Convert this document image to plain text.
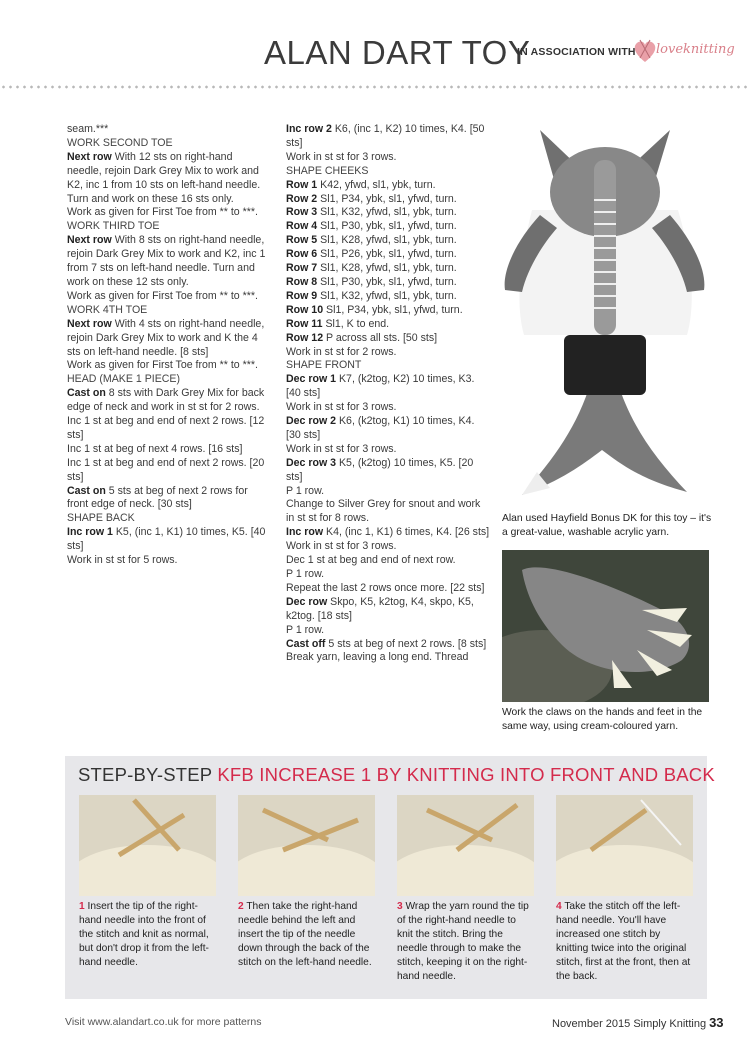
ALAN DART TOY
IN ASSOCIATION WITH loveknitting

seam.***

WORK SECOND TOE

Next row With 12 sts on right-hand needle, rejoin Dark Grey Mix to work and K2, inc 1 from 10 sts on left-hand needle. Turn and work on these 16 sts only.

Work as given for First Toe from ** to ***.

WORK THIRD TOE

Next row With 8 sts on right-hand needle, rejoin Dark Grey Mix to work and K2, inc 1 from 7 sts on left-hand needle. Turn and work on these 12 sts only.

Work as given for First Toe from ** to ***.

WORK 4TH TOE

Next row With 4 sts on right-hand needle, rejoin Dark Grey Mix to work and K the 4 sts on left-hand needle. [8 sts]

Work as given for First Toe from ** to ***.

HEAD (MAKE 1 PIECE)

Cast on 8 sts with Dark Grey Mix for back edge of neck and work in st st for 2 rows.

Inc 1 st at beg and end of next 2 rows. [12 sts]

Inc 1 st at beg of next 4 rows. [16 sts]

Inc 1 st at beg and end of next 2 rows. [20 sts]

Cast on 5 sts at beg of next 2 rows for front edge of neck. [30 sts]

SHAPE BACK

Inc row 1 K5, (inc 1, K1) 10 times, K5. [40 sts]

Work in st st for 5 rows.

Inc row 2 K6, (inc 1, K2) 10 times, K4. [50 sts]

Work in st st for 3 rows.

SHAPE CHEEKS

Row 1 K42, yfwd, sl1, ybk, turn.

Row 2 Sl1, P34, ybk, sl1, yfwd, turn.

Row 3 Sl1, K32, yfwd, sl1, ybk, turn.

Row 4 Sl1, P30, ybk, sl1, yfwd, turn.

Row 5 Sl1, K28, yfwd, sl1, ybk, turn.

Row 6 Sl1, P26, ybk, sl1, yfwd, turn.

Row 7 Sl1, K28, yfwd, sl1, ybk, turn.

Row 8 Sl1, P30, ybk, sl1, yfwd, turn.

Row 9 Sl1, K32, yfwd, sl1, ybk, turn.

Row 10 Sl1, P34, ybk, sl1, yfwd, turn.

Row 11 Sl1, K to end.

Row 12 P across all sts. [50 sts]

Work in st st for 2 rows.

SHAPE FRONT

Dec row 1 K7, (k2tog, K2) 10 times, K3. [40 sts]

Work in st st for 3 rows.

Dec row 2 K6, (k2tog, K1) 10 times, K4. [30 sts]

Work in st st for 3 rows.

Dec row 3 K5, (k2tog) 10 times, K5. [20 sts]

P 1 row.

Change to Silver Grey for snout and work in st st for 8 rows.

Inc row K4, (inc 1, K1) 6 times, K4. [26 sts]

Work in st st for 3 rows.

Dec 1 st at beg and end of next row.

P 1 row.

Repeat the last 2 rows once more. [22 sts]

Dec row Skpo, K5, k2tog, K4, skpo, K5, k2tog. [18 sts]

P 1 row.

Cast off 5 sts at beg of next 2 rows. [8 sts]

Break yarn, leaving a long end. Thread

Alan used Hayfield Bonus DK for this toy – it's a great-value, washable acrylic yarn.
Work the claws on the hands and feet in the same way, using cream-coloured yarn.
STEP-BY-STEP KFB INCREASE 1 BY KNITTING INTO FRONT AND BACK
1 Insert the tip of the right-hand needle into the front of the stitch and knit as normal, but don't drop it from the left-hand needle.
2 Then take the right-hand needle behind the left and insert the tip of the needle down through the back of the stitch on the left-hand needle.
3 Wrap the yarn round the tip of the right-hand needle to knit the stitch. Bring the needle through to make the stitch, keeping it on the right-hand needle.
4 Take the stitch off the left-hand needle. You'll have increased one stitch by knitting twice into the original stitch, first at the front, then at the back.
Visit www.alandart.co.uk for more patterns	November 2015 Simply Knitting 33
